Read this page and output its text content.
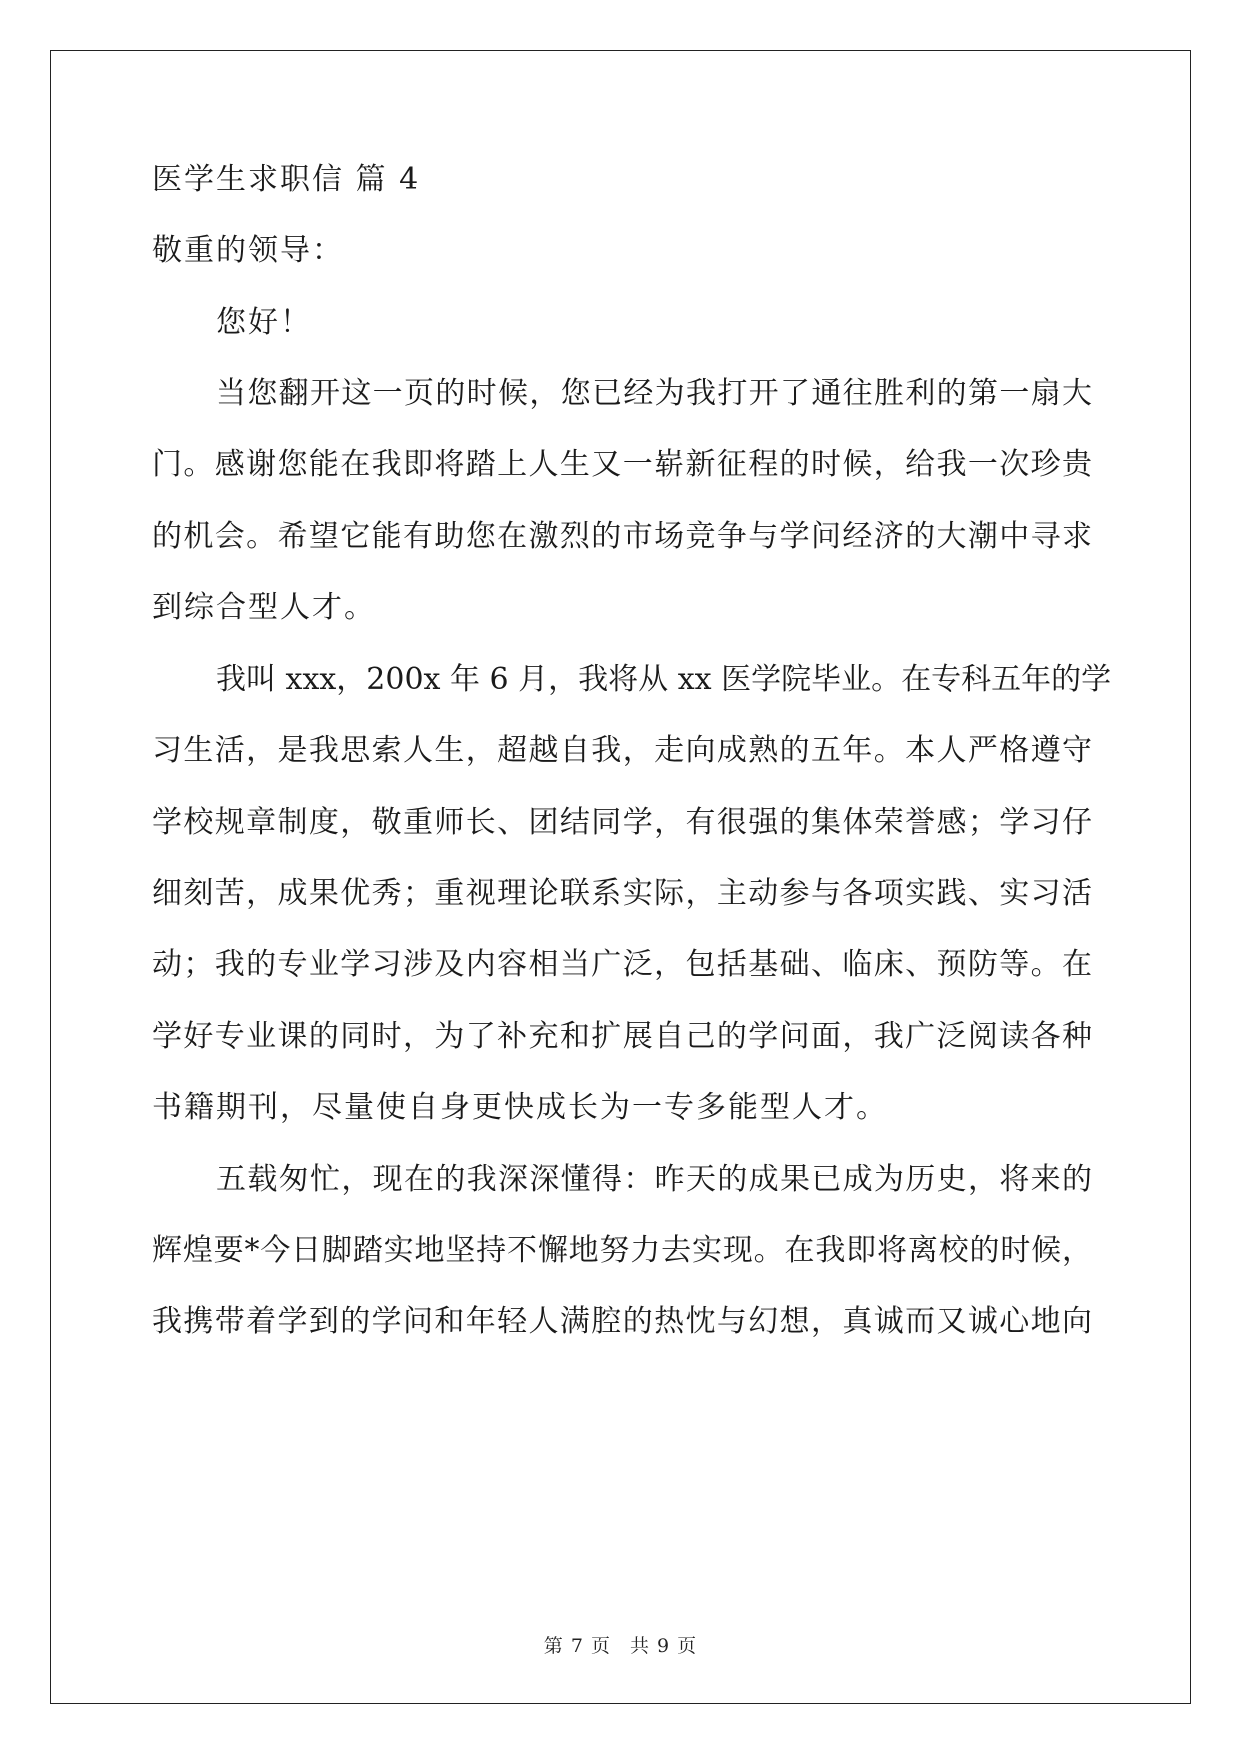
医学生求职信 篇 4
敬重的领导：
您好！
当您翻开这一页的时候，您已经为我打开了通往胜利的第一扇大
门。感谢您能在我即将踏上人生又一崭新征程的时候，给我一次珍贵
的机会。希望它能有助您在激烈的市场竞争与学问经济的大潮中寻求
到综合型人才。
我叫 xxx，200x 年 6 月，我将从 xx 医学院毕业。在专科五年的学
习生活，是我思索人生，超越自我，走向成熟的五年。本人严格遵守
学校规章制度，敬重师长、团结同学，有很强的集体荣誉感；学习仔
细刻苦，成果优秀；重视理论联系实际，主动参与各项实践、实习活
动；我的专业学习涉及内容相当广泛，包括基础、临床、预防等。在
学好专业课的同时，为了补充和扩展自己的学问面，我广泛阅读各种
书籍期刊，尽量使自身更快成长为一专多能型人才。
五载匆忙，现在的我深深懂得：昨天的成果已成为历史，将来的
辉煌要*今日脚踏实地坚持不懈地努力去实现。在我即将离校的时候，
我携带着学到的学问和年轻人满腔的热忱与幻想，真诚而又诚心地向
第 7 页 共 9 页
